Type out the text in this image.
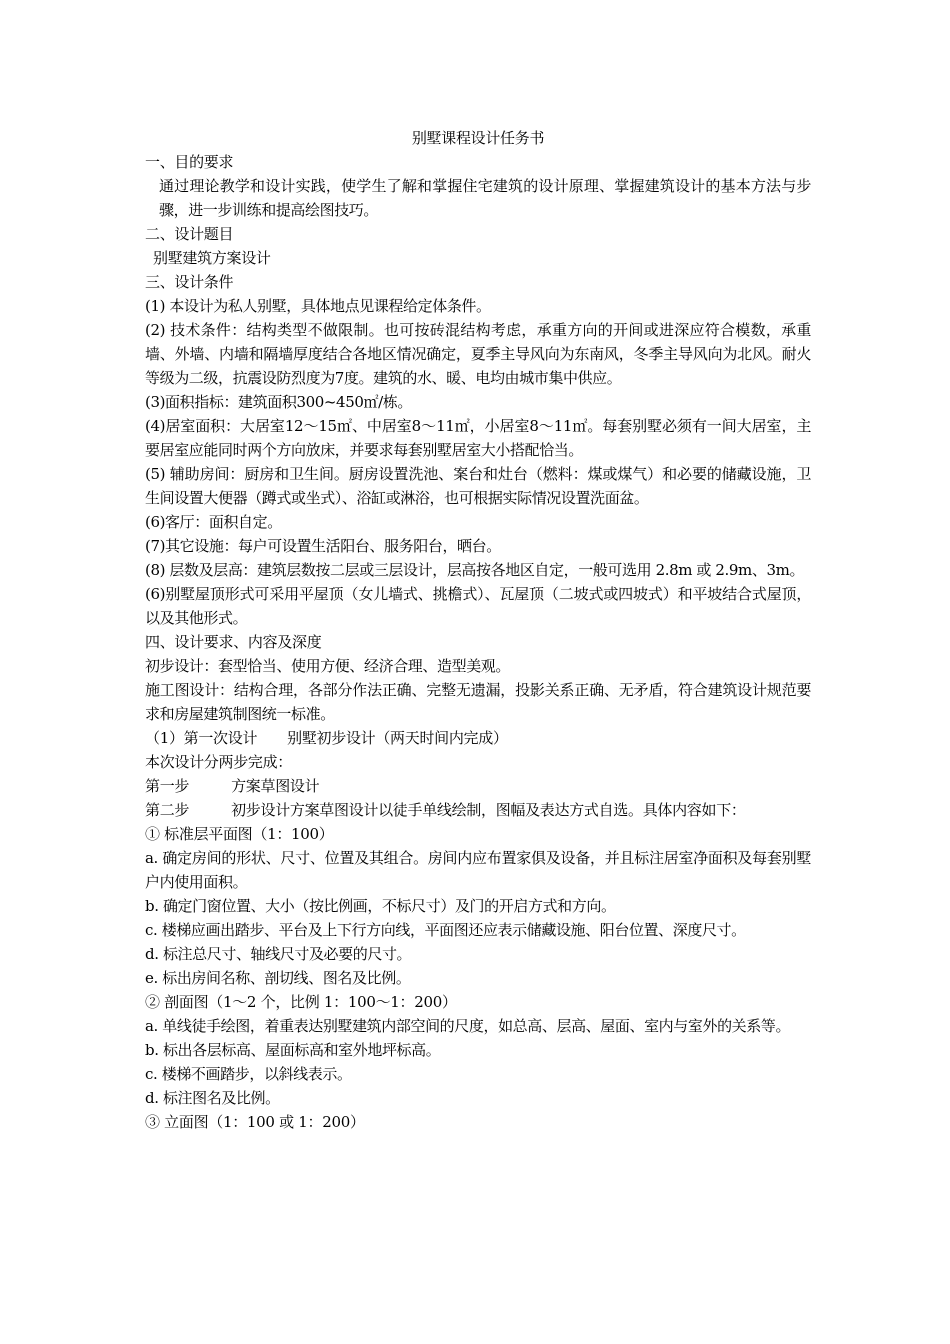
别墅课程设计任务书
一、目的要求
通过理论教学和设计实践，使学生了解和掌握住宅建筑的设计原理、掌握建筑设计的基本方法与步骤，进一步训练和提高绘图技巧。
二、设计题目
别墅建筑方案设计
三、设计条件
(1) 本设计为私人别墅，具体地点见课程给定体条件。
(2) 技术条件：结构类型不做限制。也可按砖混结构考虑，承重方向的开间或进深应符合模数，承重墙、外墙、内墙和隔墙厚度结合各地区情况确定，夏季主导风向为东南风，冬季主导风向为北风。耐火等级为二级，抗震设防烈度为7度。建筑的水、暖、电均由城市集中供应。
(3)面积指标：建筑面积300~450㎡/栋。
(4)居室面积：大居室12～15㎡、中居室8～11㎡，小居室8～11㎡。每套别墅必须有一间大居室，主要居室应能同时两个方向放床，并要求每套别墅居室大小搭配恰当。
(5) 辅助房间：厨房和卫生间。厨房设置洗池、案台和灶台（燃料：煤或煤气）和必要的储藏设施，卫生间设置大便器（蹲式或坐式）、浴缸或淋浴，也可根据实际情况设置洗面盆。
(6)客厅：面积自定。
(7)其它设施：每户可设置生活阳台、服务阳台，晒台。
(8) 层数及层高：建筑层数按二层或三层设计，层高按各地区自定，一般可选用 2.8m 或 2.9m、3m。
(6)别墅屋顶形式可采用平屋顶（女儿墙式、挑檐式）、瓦屋顶（二坡式或四坡式）和平坡结合式屋顶，以及其他形式。
四、设计要求、内容及深度
初步设计：套型恰当、使用方便、经济合理、造型美观。
施工图设计：结构合理，各部分作法正确、完整无遗漏，投影关系正确、无矛盾，符合建筑设计规范要求和房屋建筑制图统一标准。
（1）第一次设计 别墅初步设计（两天时间内完成）
本次设计分两步完成：
第一步	方案草图设计
第二步	初步设计方案草图设计以徒手单线绘制，图幅及表达方式自选。具体内容如下：
① 标准层平面图（1：100）
a. 确定房间的形状、尺寸、位置及其组合。房间内应布置家俱及设备，并且标注居室净面积及每套别墅户内使用面积。
b. 确定门窗位置、大小（按比例画，不标尺寸）及门的开启方式和方向。
c. 楼梯应画出踏步、平台及上下行方向线，平面图还应表示储藏设施、阳台位置、深度尺寸。
d. 标注总尺寸、轴线尺寸及必要的尺寸。
e. 标出房间名称、剖切线、图名及比例。
② 剖面图（1～2 个，比例 1：100～1：200）
a. 单线徒手绘图，着重表达别墅建筑内部空间的尺度，如总高、层高、屋面、室内与室外的关系等。
b. 标出各层标高、屋面标高和室外地坪标高。
c. 楼梯不画踏步，以斜线表示。
d. 标注图名及比例。
③ 立面图（1：100 或 1：200）
